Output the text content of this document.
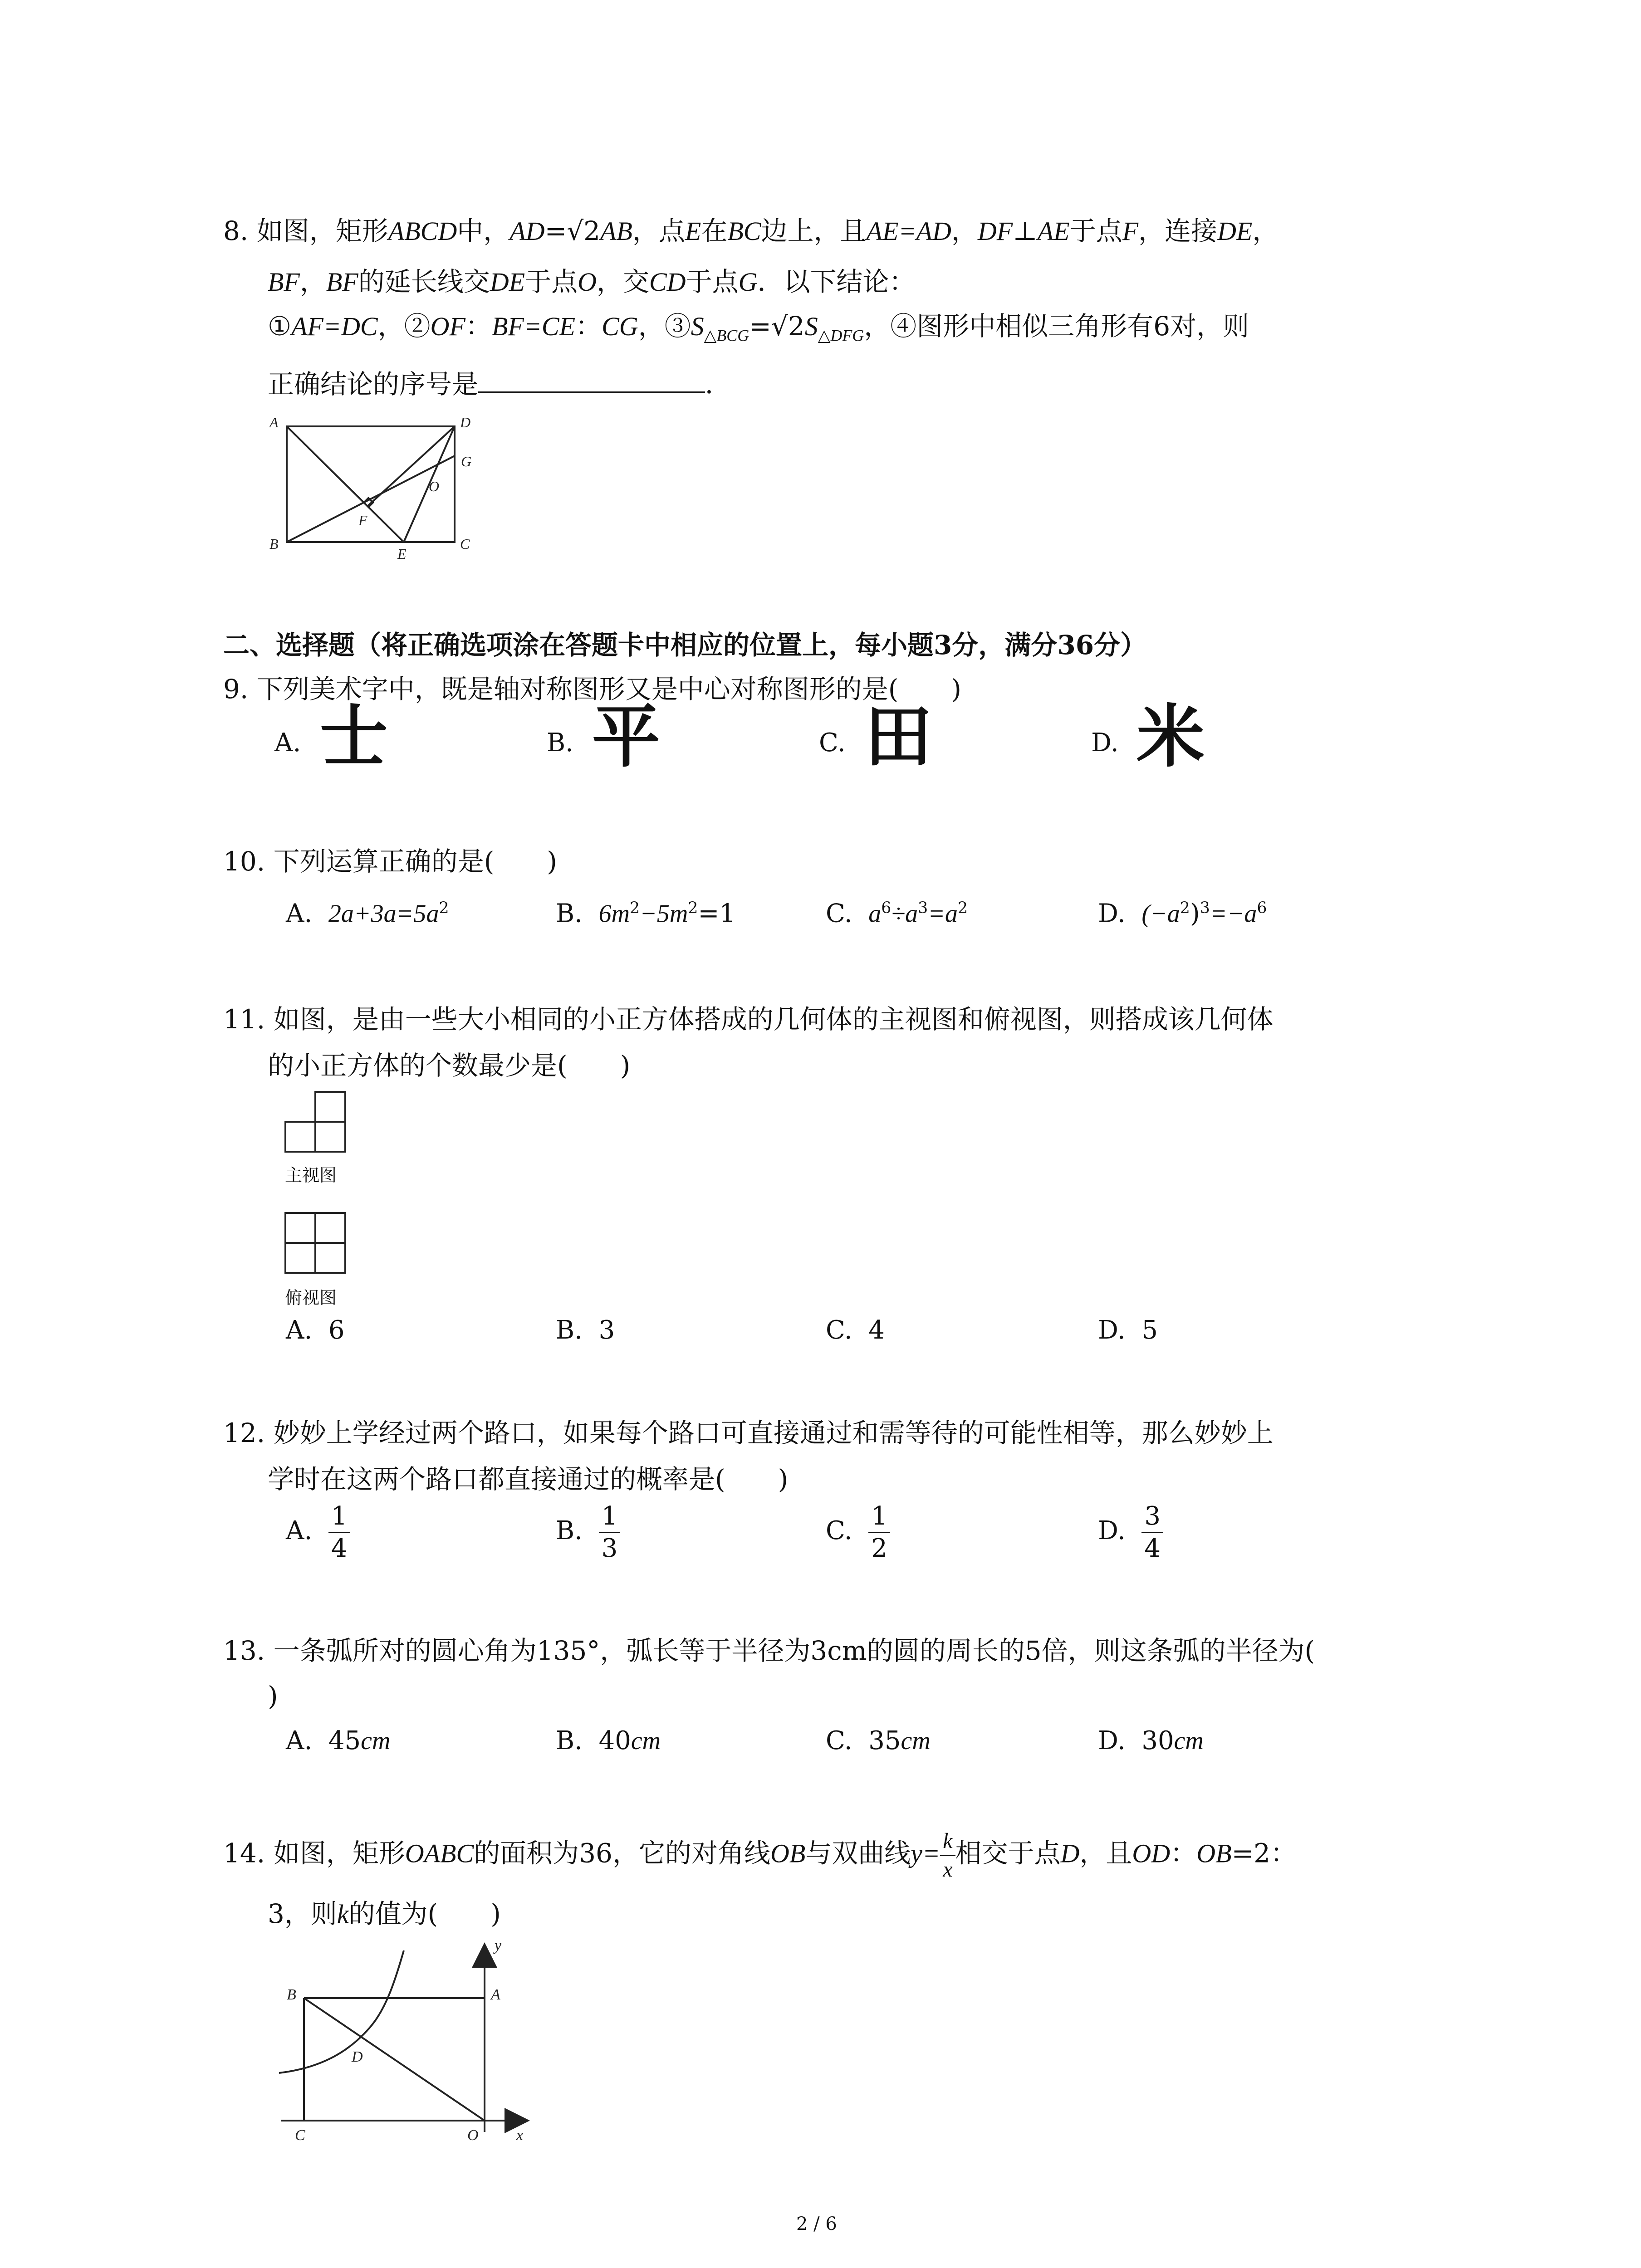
8. 如图，矩形ABCD中，AD=√2AB，点E在BC边上，且AE=AD，DF⊥AE于点F，连接DE，
BF，BF的延长线交DE于点O，交CD于点G．以下结论：
①AF=DC，②OF：BF=CE：CG，$③S_{\triangle BCG}=√2S_{\triangle DFG}$，④图形中相似三角形有6对，则
正确结论的序号是	．
A	D
B	C
E
F
O
G
二、选择题（将正确选项涂在答题卡中相应的位置上，每小题3分，满分36分）
9. 下列美术字中，既是轴对称图形又是中心对称图形的是(　　)
A. 士	B. 平	C. 田	D. 米
10. 下列运算正确的是(　　)
A. $2a+3a=5a^2$	B. $6m^2-5m^2=1$	C. $a^6\div a^3=a^2$	D. $(-a^2)^3=-a^6$
11. 如图，是由一些大小相同的小正方体搭成的几何体的主视图和俯视图，则搭成该几何体
的小正方体的个数最少是(　　)
主视图
俯视图
A. 6	B. 3	C. 4	D. 5
12. 妙妙上学经过两个路口，如果每个路口可直接通过和需等待的可能性相等，那么妙妙上
学时在这两个路口都直接通过的概率是(　　)
A. $\frac{1}{4}$	B. $\frac{1}{3}$	C. $\frac{1}{2}$	D. $\frac{3}{4}$
13. 一条弧所对的圆心角为135°，弧长等于半径为3cm的圆的周长的5倍，则这条弧的半径为(
)
A. 45cm	B. 40cm	C. 35cm	D. 30cm
14. 如图，矩形OABC的面积为36，它的对角线OB与双曲线$y= \frac{k}{x}$ 相交于点D，且OD：OB=2：
3，则k的值为(　　)
B	A
D
C	O x
y
2 / 6
